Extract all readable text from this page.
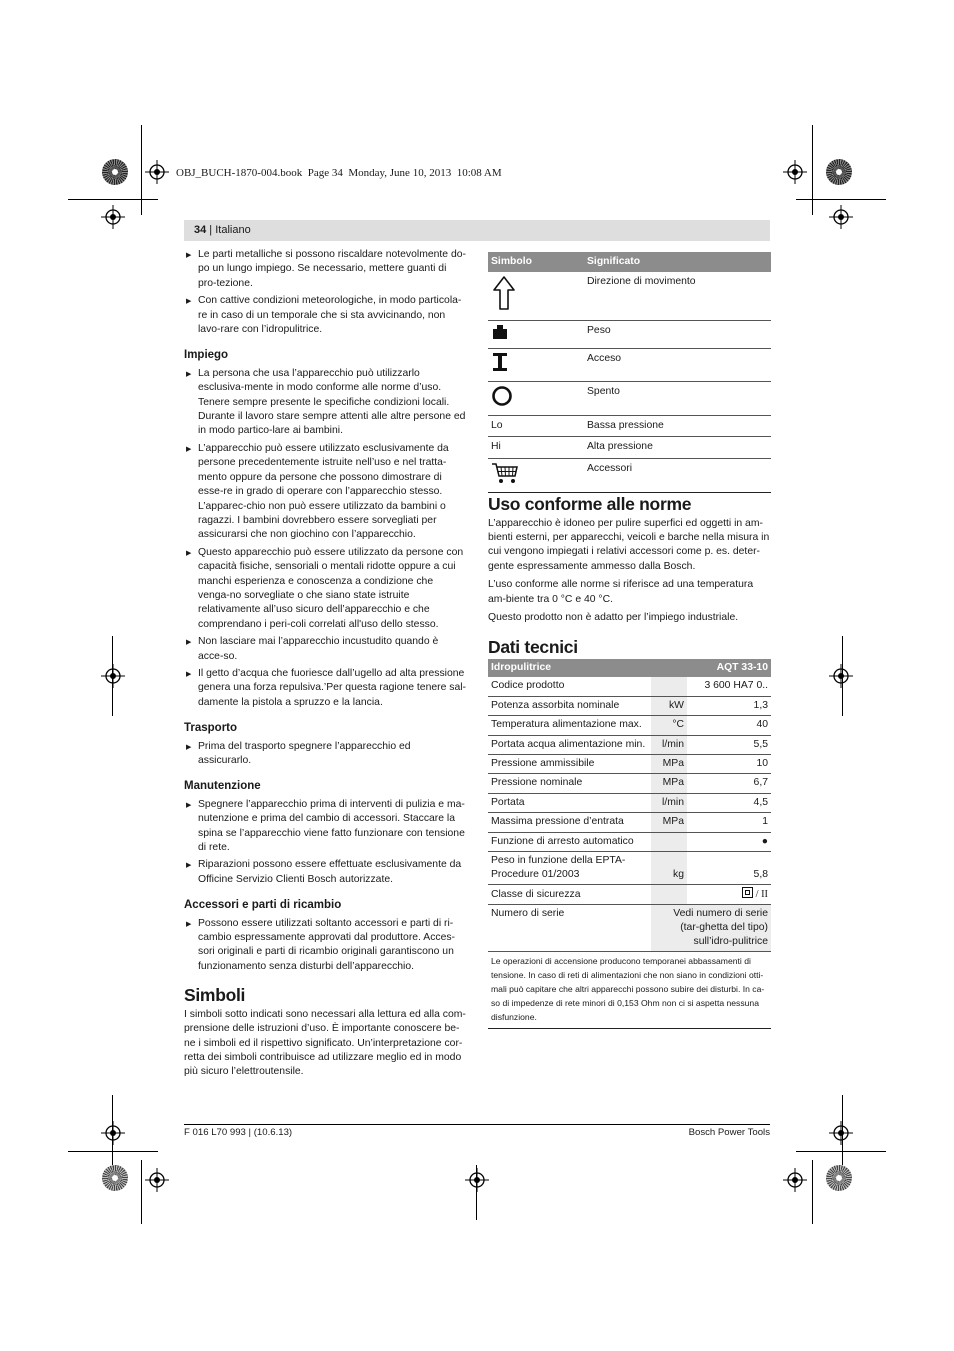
OBJ_BUCH-1870-004.book  Page 34  Monday, June 10, 2013  10:08 AM
34 | Italiano

▶ Le parti metalliche si possono riscaldare notevolmente do-po un lungo impiego. Se necessario, mettere guanti di pro-tezione.

▶ Con cattive condizioni meteorologiche, in modo particola-re in caso di un temporale che si sta avvicinando, non lavo-rare con l’idropulitrice.

Impiego

▶ La persona che usa l’apparecchio può utilizzarlo esclusiva-mente in modo conforme alle norme d’uso. Tenere sempre presente le specifiche condizioni locali. Durante il lavoro stare sempre attenti alle altre persone ed in modo partico-lare ai bambini.

▶ L’apparecchio può essere utilizzato esclusivamente da persone precedentemente istruite nell’uso e nel tratta-mento oppure da persone che possono dimostrare di esse-re in grado di operare con l’apparecchio stesso. L’apparec-chio non può essere utilizzato da bambini o ragazzi. I bambini dovrebbero essere sorvegliati per assicurarsi che non giochino con l’apparecchio.

▶ Questo apparecchio può essere utilizzato da persone con capacità fisiche, sensoriali o mentali ridotte oppure a cui manchi esperienza e conoscenza a condizione che venga-no sorvegliate o che siano state istruite relativamente all’uso sicuro dell’apparecchio e che comprendano i peri-coli correlati all'uso dello stesso.

▶ Non lasciare mai l’apparecchio incustudito quando è acce-so.

▶ Il getto d’acqua che fuoriesce dall’ugello ad alta pressione genera una forza repulsiva.’Per questa ragione tenere sal-damente la pistola a spruzzo e la lancia.

Trasporto

▶ Prima del trasporto spegnere l’apparecchio ed assicurarlo.

Manutenzione

▶ Spegnere l’apparecchio prima di interventi di pulizia e ma-nutenzione e prima del cambio di accessori. Staccare la spina se l’apparecchio viene fatto funzionare con tensione di rete.

▶ Riparazioni possono essere effettuate esclusivamente da Officine Servizio Clienti Bosch autorizzate.

Accessori e parti di ricambio

▶ Possono essere utilizzati soltanto accessori e parti di ri-cambio espressamente approvati dal produttore. Acces-sori originali e parti di ricambio originali garantiscono un funzionamento senza disturbi dell’apparecchio.

Simboli

I simboli sotto indicati sono necessari alla lettura ed alla com-prensione delle istruzioni d’uso. È importante conoscere be-ne i simboli ed il rispettivo significato. Un’interpretazione cor-retta dei simboli contribuisce ad utilizzare meglio ed in modo più sicuro l’elettroutensile.

Simbolo	Significato
	Direzione di movimento
	Peso
	Acceso
	Spento
Lo	Bassa pressione
Hi	Alta pressione
	Accessori
Uso conforme alle norme

L’apparecchio è idoneo per pulire superfici ed oggetti in am-bienti esterni, per apparecchi, veicoli e barche nella misura in cui vengono impiegati i relativi accessori come p. es. deter-gente espressamente ammesso dalla Bosch.

L’uso conforme alle norme si riferisce ad una temperatura am-biente tra 0 °C e 40 °C.

Questo prodotto non è adatto per l’impiego industriale.

Dati tecnici
Idropulitrice		AQT 33-10
Codice prodotto		3 600 HA7 0..
Potenza assorbita nominale	kW	1,3
Temperatura alimentazione max.	°C	40
Portata acqua alimentazione min.	l/min	5,5
Pressione ammissibile	MPa	10
Pressione nominale	MPa	6,7
Portata	l/min	4,5
Massima pressione d’entrata	MPa	1
Funzione di arresto automatico		●
Peso in funzione della EPTA-Procedure 01/2003	kg	5,8
Classe di sicurezza		/ II
Numero di serie	Vedi numero di serie (tar-ghetta del tipo) sull’idro-pulitrice	
Le operazioni di accensione producono temporanei abbassamenti di tensione. In caso di reti di alimentazioni che non siano in condizioni otti-mali può capitare che altri apparecchi possono subire dei disturbi. In ca-so di impedenze di rete minori di 0,153 Ohm non ci si aspetta nessuna disfunzione.
F 016 L70 993 | (10.6.13)	Bosch Power Tools
